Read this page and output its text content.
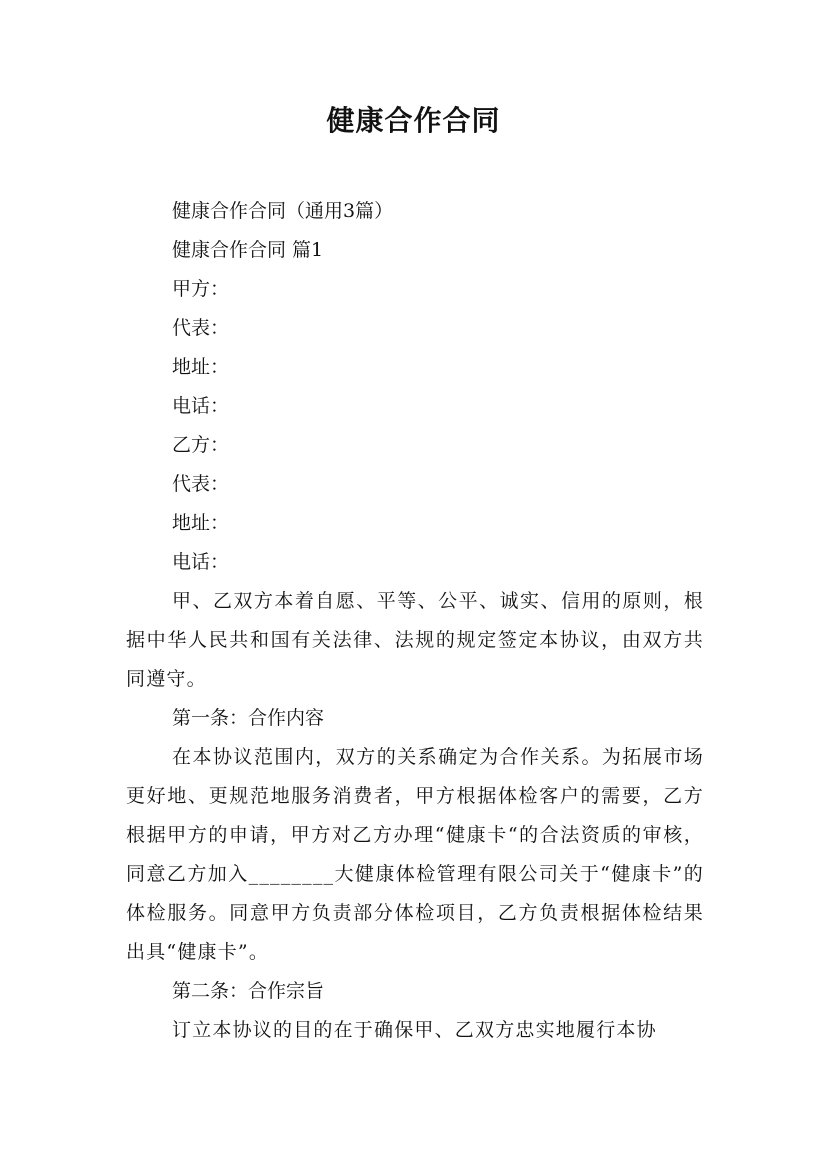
健康合作合同

健康合作合同（通用3篇）

健康合作合同 篇1

甲方：

代表：

地址：

电话：

乙方：

代表：

地址：

电话：

甲、乙双方本着自愿、平等、公平、诚实、信用的原则，根据中华人民共和国有关法律、法规的规定签定本协议，由双方共同遵守。

第一条：合作内容

在本协议范围内，双方的关系确定为合作关系。为拓展市场更好地、更规范地服务消费者，甲方根据体检客户的需要，乙方根据甲方的申请，甲方对乙方办理“健康卡“的合法资质的审核，同意乙方加入________大健康体检管理有限公司关于“健康卡”的体检服务。同意甲方负责部分体检项目，乙方负责根据体检结果出具“健康卡”。

第二条：合作宗旨

订立本协议的目的在于确保甲、乙双方忠实地履行本协
